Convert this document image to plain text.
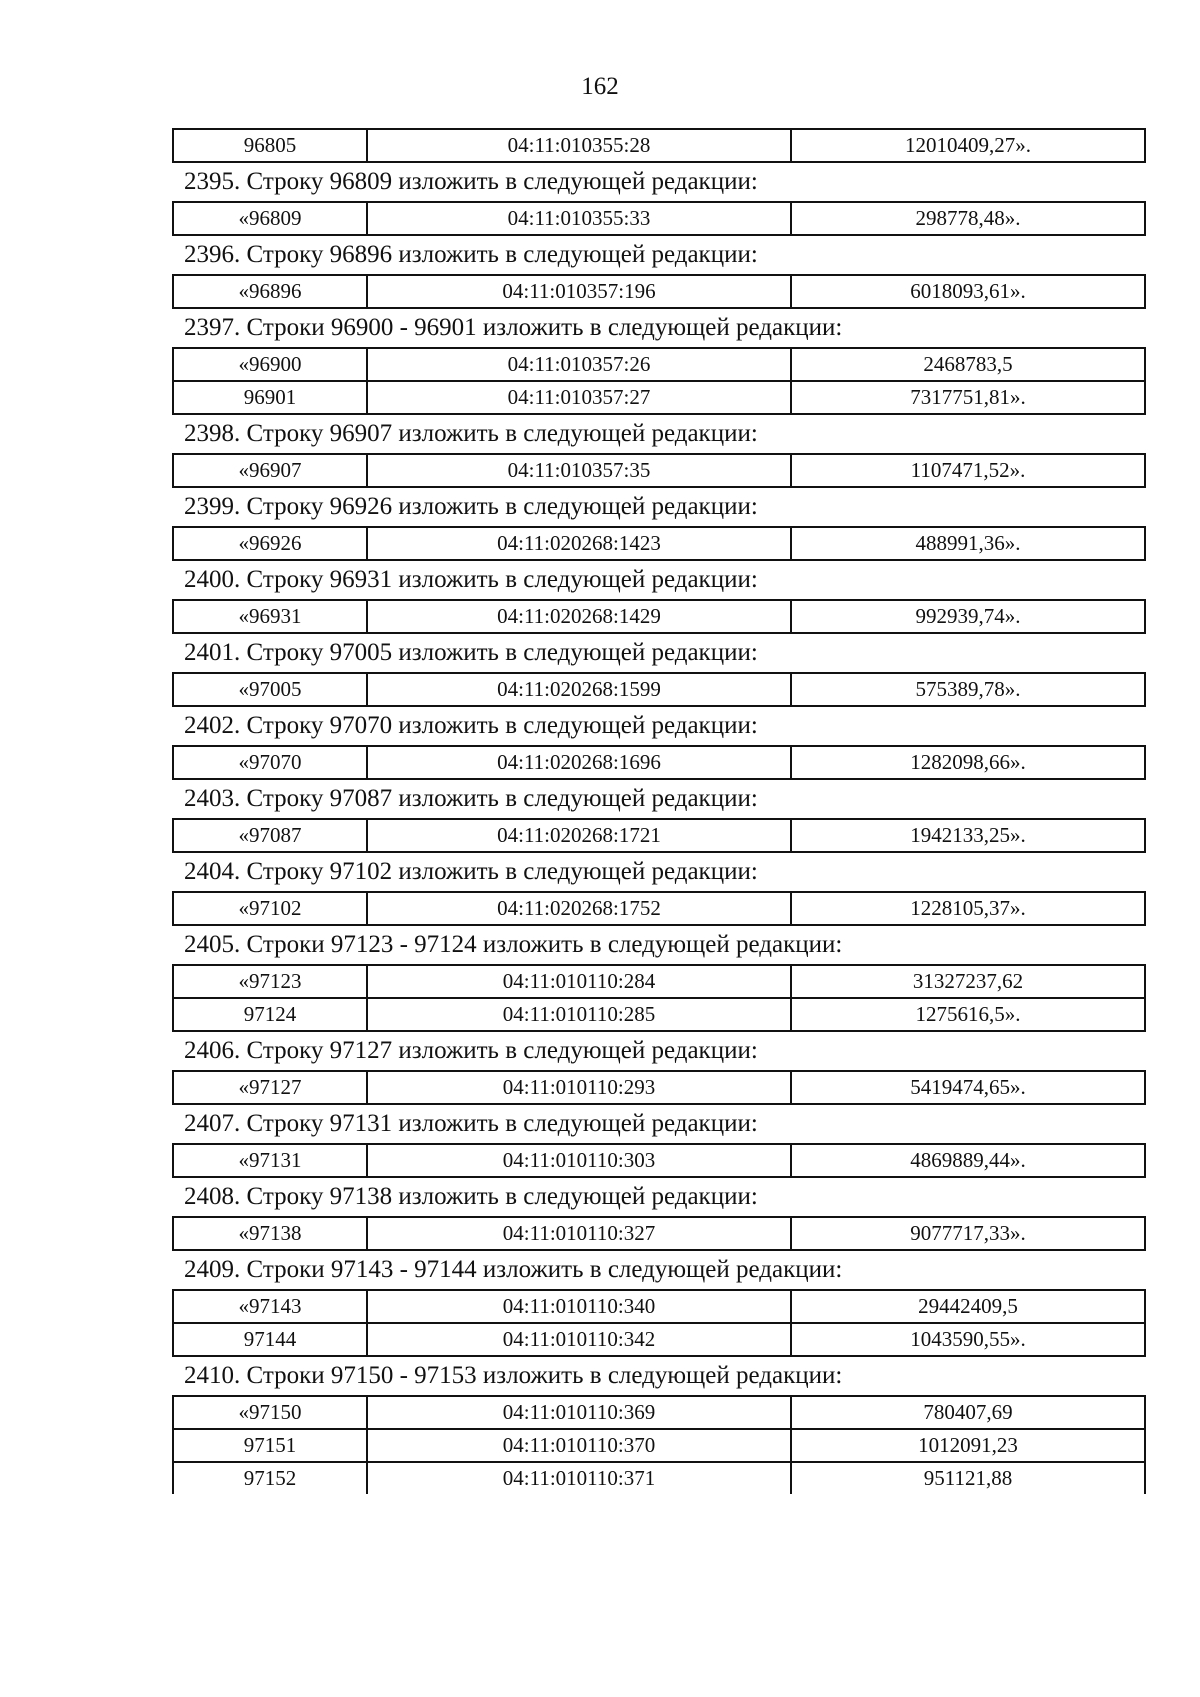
162
96805	04:11:010355:28	12010409,27».

2395. Строку 96809 изложить в следующей редакции:

«96809	04:11:010355:33	298778,48».

2396. Строку 96896 изложить в следующей редакции:

«96896	04:11:010357:196	6018093,61».

2397. Строки 96900 - 96901 изложить в следующей редакции:

«96900	04:11:010357:26	2468783,5
96901	04:11:010357:27	7317751,81».

2398. Строку 96907 изложить в следующей редакции:

«96907	04:11:010357:35	1107471,52».

2399. Строку 96926 изложить в следующей редакции:

«96926	04:11:020268:1423	488991,36».

2400. Строку 96931 изложить в следующей редакции:

«96931	04:11:020268:1429	992939,74».

2401. Строку 97005 изложить в следующей редакции:

«97005	04:11:020268:1599	575389,78».

2402. Строку 97070 изложить в следующей редакции:

«97070	04:11:020268:1696	1282098,66».

2403. Строку 97087 изложить в следующей редакции:

«97087	04:11:020268:1721	1942133,25».

2404. Строку 97102 изложить в следующей редакции:

«97102	04:11:020268:1752	1228105,37».

2405. Строки 97123 - 97124 изложить в следующей редакции:

«97123	04:11:010110:284	31327237,62
97124	04:11:010110:285	1275616,5».

2406. Строку 97127 изложить в следующей редакции:

«97127	04:11:010110:293	5419474,65».

2407. Строку 97131 изложить в следующей редакции:

«97131	04:11:010110:303	4869889,44».

2408. Строку 97138 изложить в следующей редакции:

«97138	04:11:010110:327	9077717,33».

2409. Строки 97143 - 97144 изложить в следующей редакции:

«97143	04:11:010110:340	29442409,5
97144	04:11:010110:342	1043590,55».

2410. Строки 97150 - 97153 изложить в следующей редакции:

«97150	04:11:010110:369	780407,69
97151	04:11:010110:370	1012091,23
97152	04:11:010110:371	951121,88
